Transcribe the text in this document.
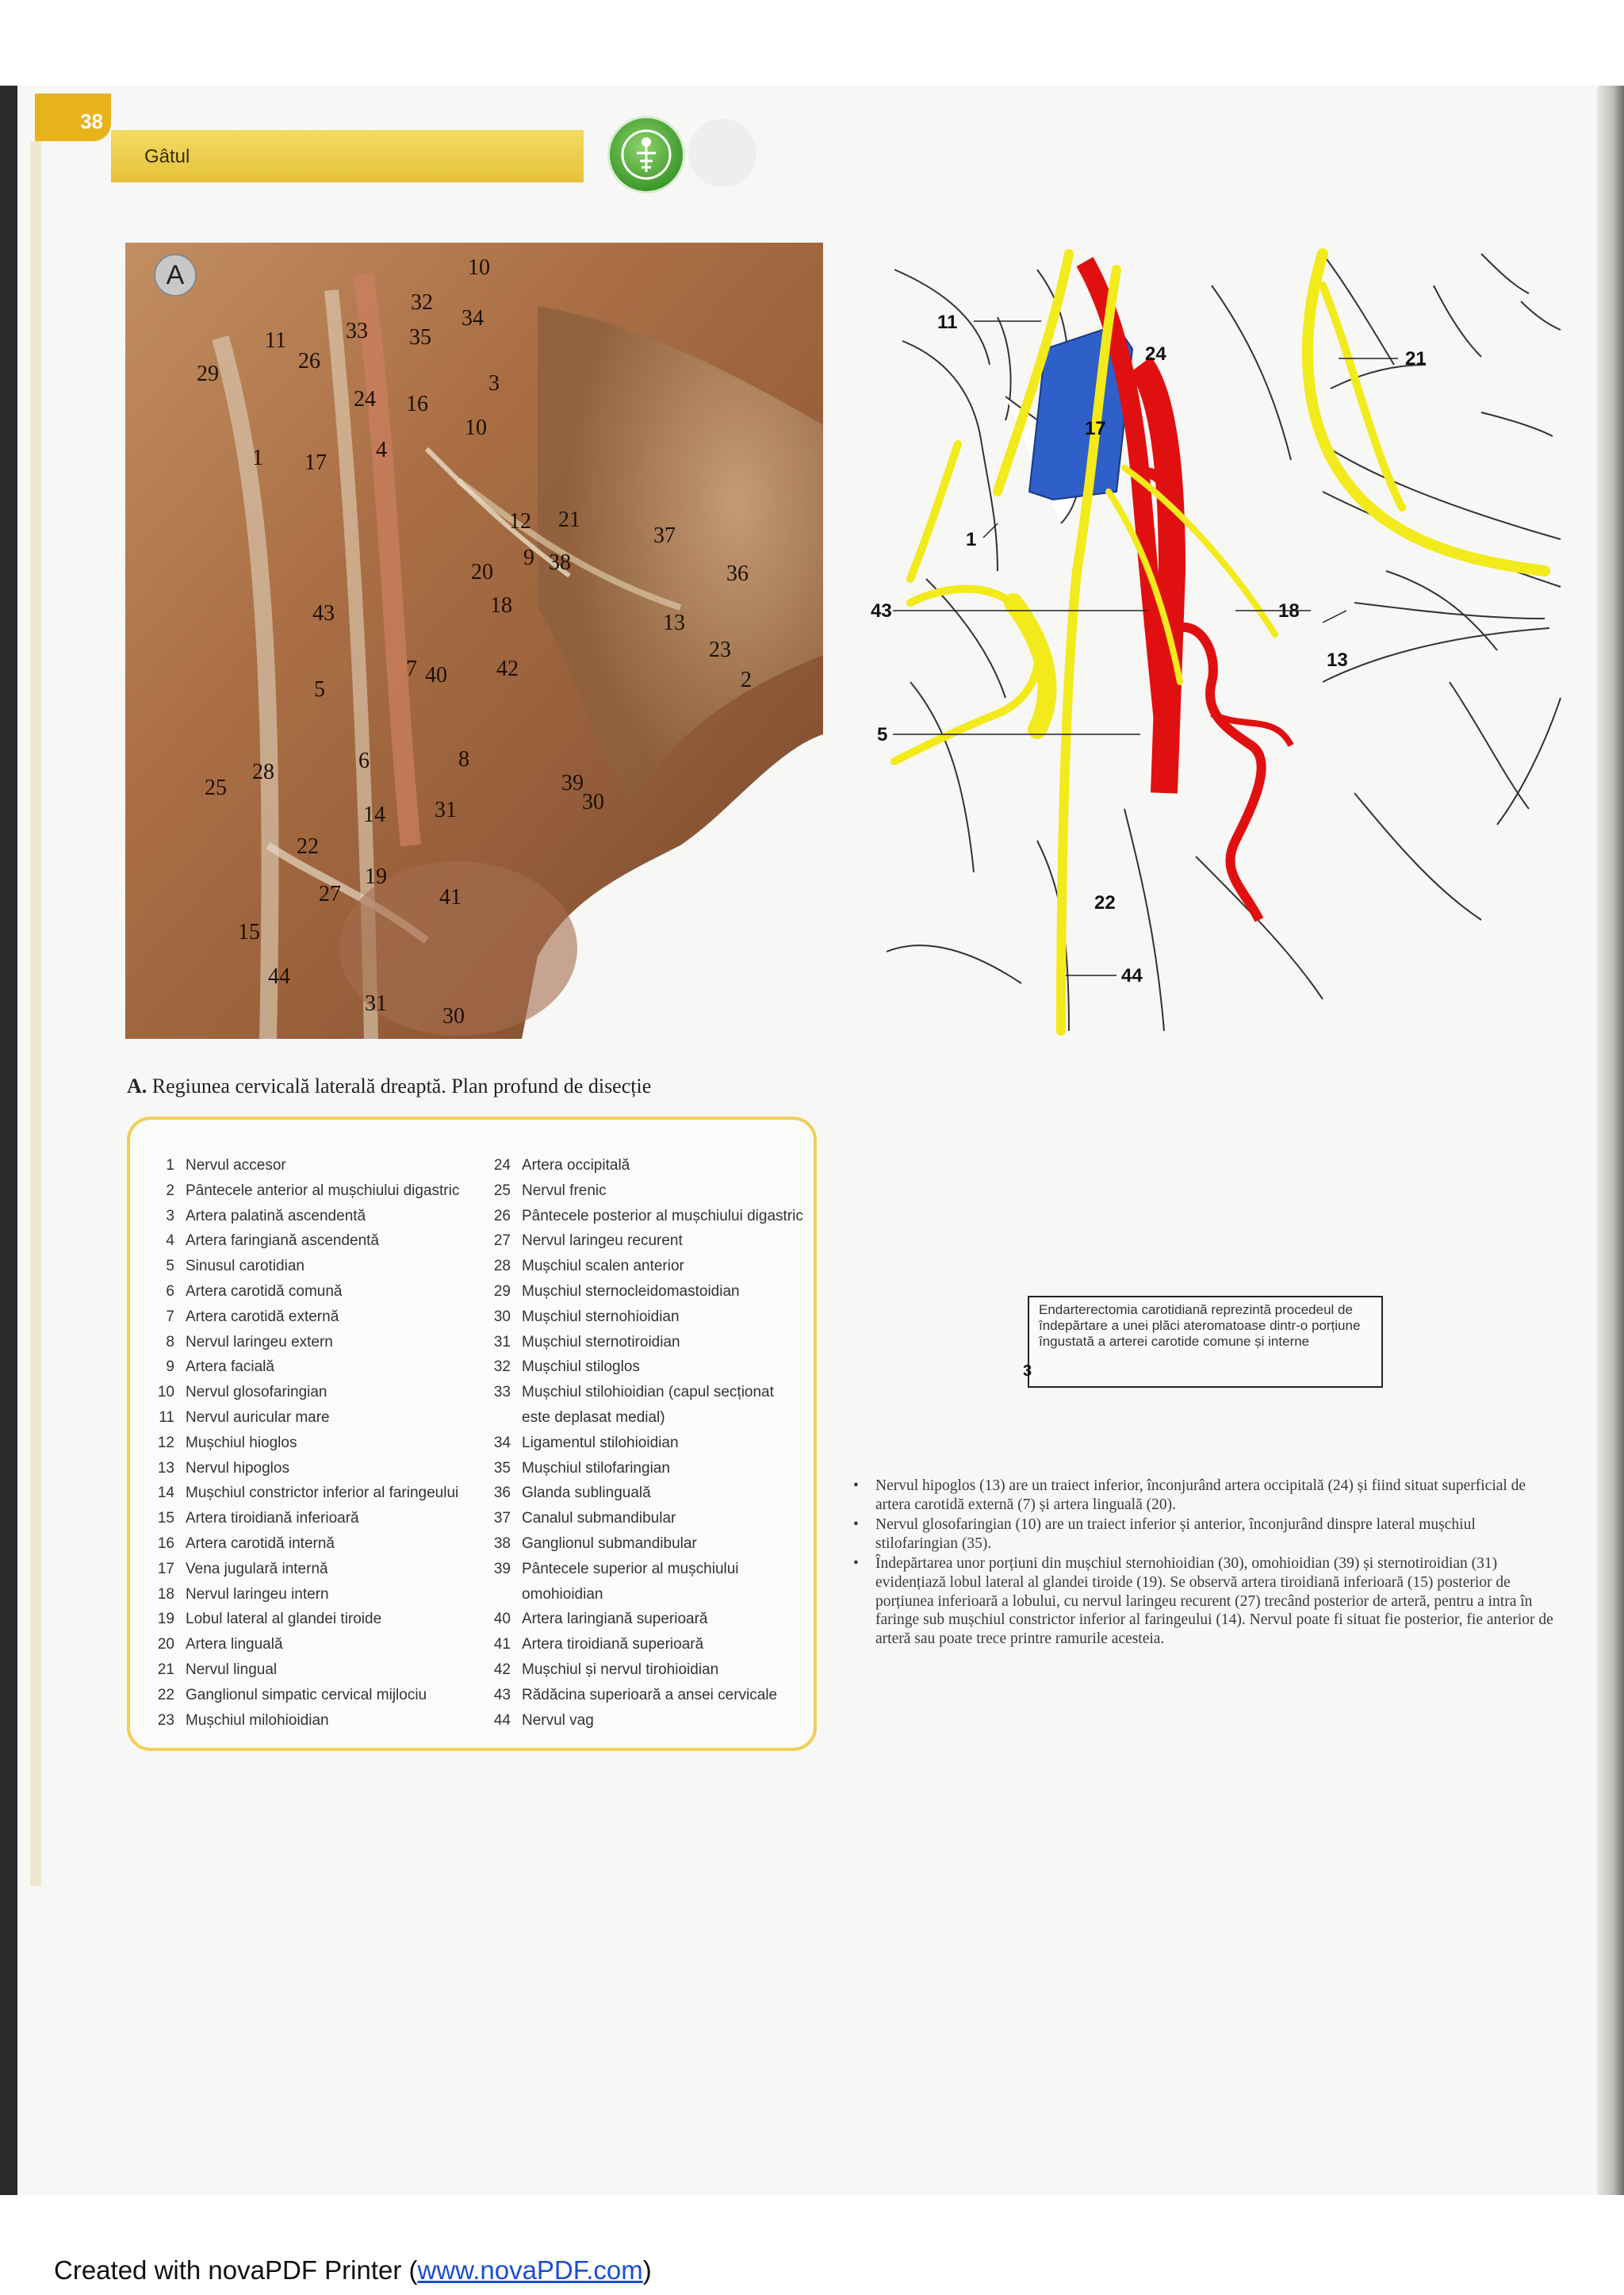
38
Gâtul
A	10
32
34
11
26
33 35
29
24 16
3
1 17
4
10
12 21
37
9 38	36
20
18
13
43
23
7 40 42	2
5
6	8
39
28
30
25
14 31
22
19
27	41
15
44
31
30
11
24	21
17
1
43	18
13
5
22
44
A. Regiunea cervicală laterală dreaptă. Plan profund de disecție
1 Nervul accesor
2 Pântecele anterior al mușchiului digastric
3 Artera palatină ascendentă
4 Artera faringiană ascendentă
5 Sinusul carotidian
6 Artera carotidă comună
7 Artera carotidă externă
8 Nervul laringeu extern
9 Artera facială
10 Nervul glosofaringian
11 Nervul auricular mare
12 Mușchiul hioglos
13 Nervul hipoglos
14 Mușchiul constrictor inferior al faringeului
15 Artera tiroidiană inferioară
16 Artera carotidă internă
17 Vena jugulară internă
18 Nervul laringeu intern
19 Lobul lateral al glandei tiroide
20 Artera linguală
21 Nervul lingual
22 Ganglionul simpatic cervical mijlociu
23 Mușchiul milohioidian
24 Artera occipitală
25 Nervul frenic
26 Pântecele posterior al mușchiului digastric
27 Nervul laringeu recurent
28 Mușchiul scalen anterior
29 Mușchiul sternocleidomastoidian
30 Mușchiul sternohioidian
31 Mușchiul sternotiroidian
32 Mușchiul stiloglos
33 Mușchiul stilohioidian (capul secționat
este deplasat medial)
34 Ligamentul stilohioidian
35 Mușchiul stilofaringian
36 Glanda sublinguală
37 Canalul submandibular
38 Ganglionul submandibular
39 Pântecele superior al mușchiului
omohioidian
40 Artera laringiană superioară
41 Artera tiroidiană superioară
42 Mușchiul și nervul tirohioidian
43 Rădăcina superioară a ansei cervicale
44 Nervul vag
Endarterectomia carotidiană reprezintă procedeul de îndepărtare a unei plăci ateromatoase dintr-o porțiune îngustată a arterei carotide comune și interne
3
• Nervul hipoglos (13) are un traiect inferior, înconjurând artera occipitală (24) și fiind situat superficial de artera carotidă externă (7) și artera linguală (20).
• Nervul glosofaringian (10) are un traiect inferior și anterior, înconjurând dinspre lateral mușchiul stilofaringian (35).
• Îndepărtarea unor porțiuni din mușchiul sternohioidian (30), omohioidian (39) și sternotiroidian (31) evidențiază lobul lateral al glandei tiroide (19). Se observă artera tiroidiană inferioară (15) posterior de porțiunea inferioară a lobului, cu nervul laringeu recurent (27) trecând posterior de arteră, pentru a intra în faringe sub mușchiul constrictor inferior al faringeului (14). Nervul poate fi situat fie posterior, fie anterior de arteră sau poate trece printre ramurile acesteia.
Created with novaPDF Printer (www.novaPDF.com)
